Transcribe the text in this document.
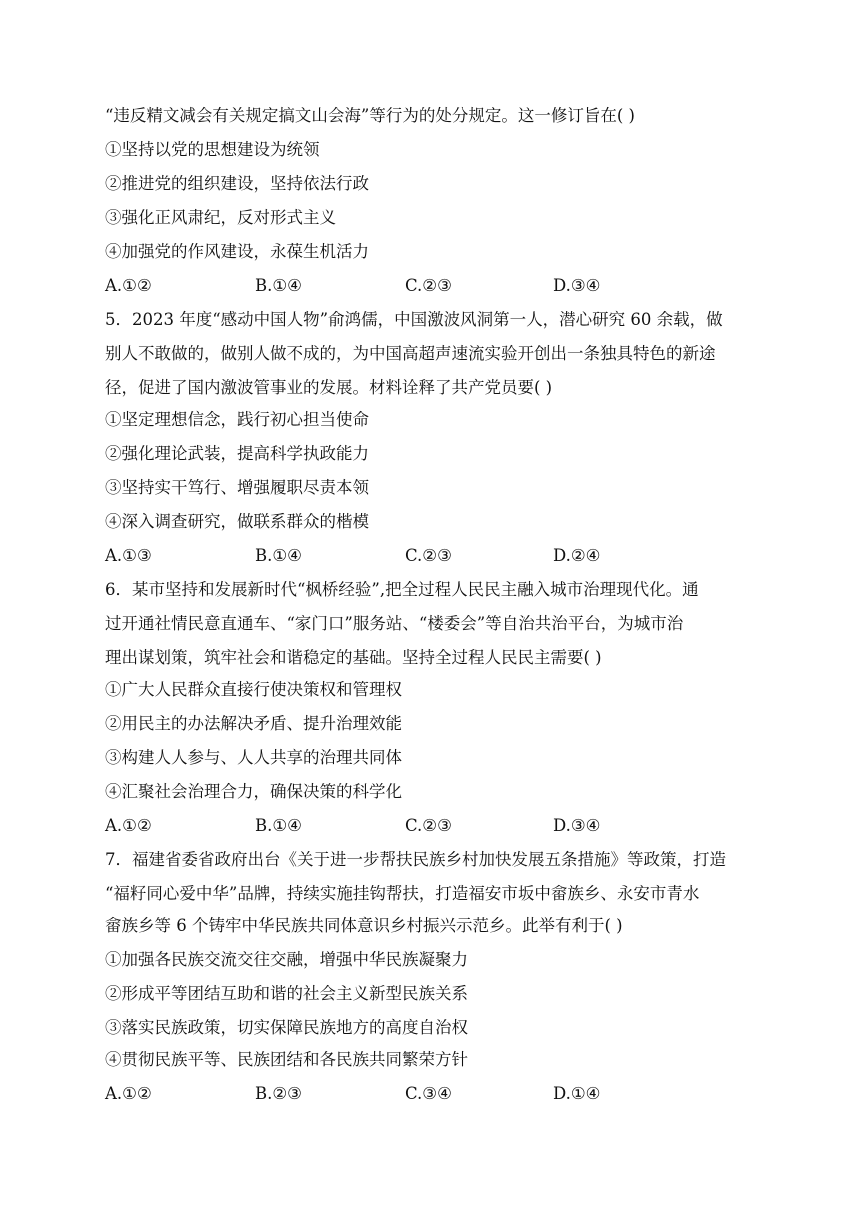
“违反精文减会有关规定搞文山会海”等行为的处分规定。这一修订旨在( )
①坚持以党的思想建设为统领
②推进党的组织建设，坚持依法行政
③强化正风肃纪，反对形式主义
④加强党的作风建设，永葆生机活力
A.①②	B.①④	C.②③	D.③④
5．2023 年度“感动中国人物”俞鸿儒，中国激波风洞第一人，潜心研究 60 余载，做
别人不敢做的，做别人做不成的，为中国高超声速流实验开创出一条独具特色的新途
径，促进了国内激波管事业的发展。材料诠释了共产党员要( )
①坚定理想信念，践行初心担当使命
②强化理论武装，提高科学执政能力
③坚持实干笃行、增强履职尽责本领
④深入调查研究，做联系群众的楷模
A.①③	B.①④	C.②③	D.②④
6．某市坚持和发展新时代“枫桥经验”,把全过程人民民主融入城市治理现代化。通
过开通社情民意直通车、“家门口”服务站、“楼委会”等自治共治平台，为城市治
理出谋划策，筑牢社会和谐稳定的基础。坚持全过程人民民主需要( )
①广大人民群众直接行使决策权和管理权
②用民主的办法解决矛盾、提升治理效能
③构建人人参与、人人共享的治理共同体
④汇聚社会治理合力，确保决策的科学化
A.①②	B.①④	C.②③	D.③④
7．福建省委省政府出台《关于进一步帮扶民族乡村加快发展五条措施》等政策，打造
“福籽同心爱中华”品牌，持续实施挂钩帮扶，打造福安市坂中畲族乡、永安市青水
畲族乡等 6 个铸牢中华民族共同体意识乡村振兴示范乡。此举有利于( )
①加强各民族交流交往交融，增强中华民族凝聚力
②形成平等团结互助和谐的社会主义新型民族关系
③落实民族政策，切实保障民族地方的高度自治权
④贯彻民族平等、民族团结和各民族共同繁荣方针
A.①②	B.②③	C.③④	D.①④
